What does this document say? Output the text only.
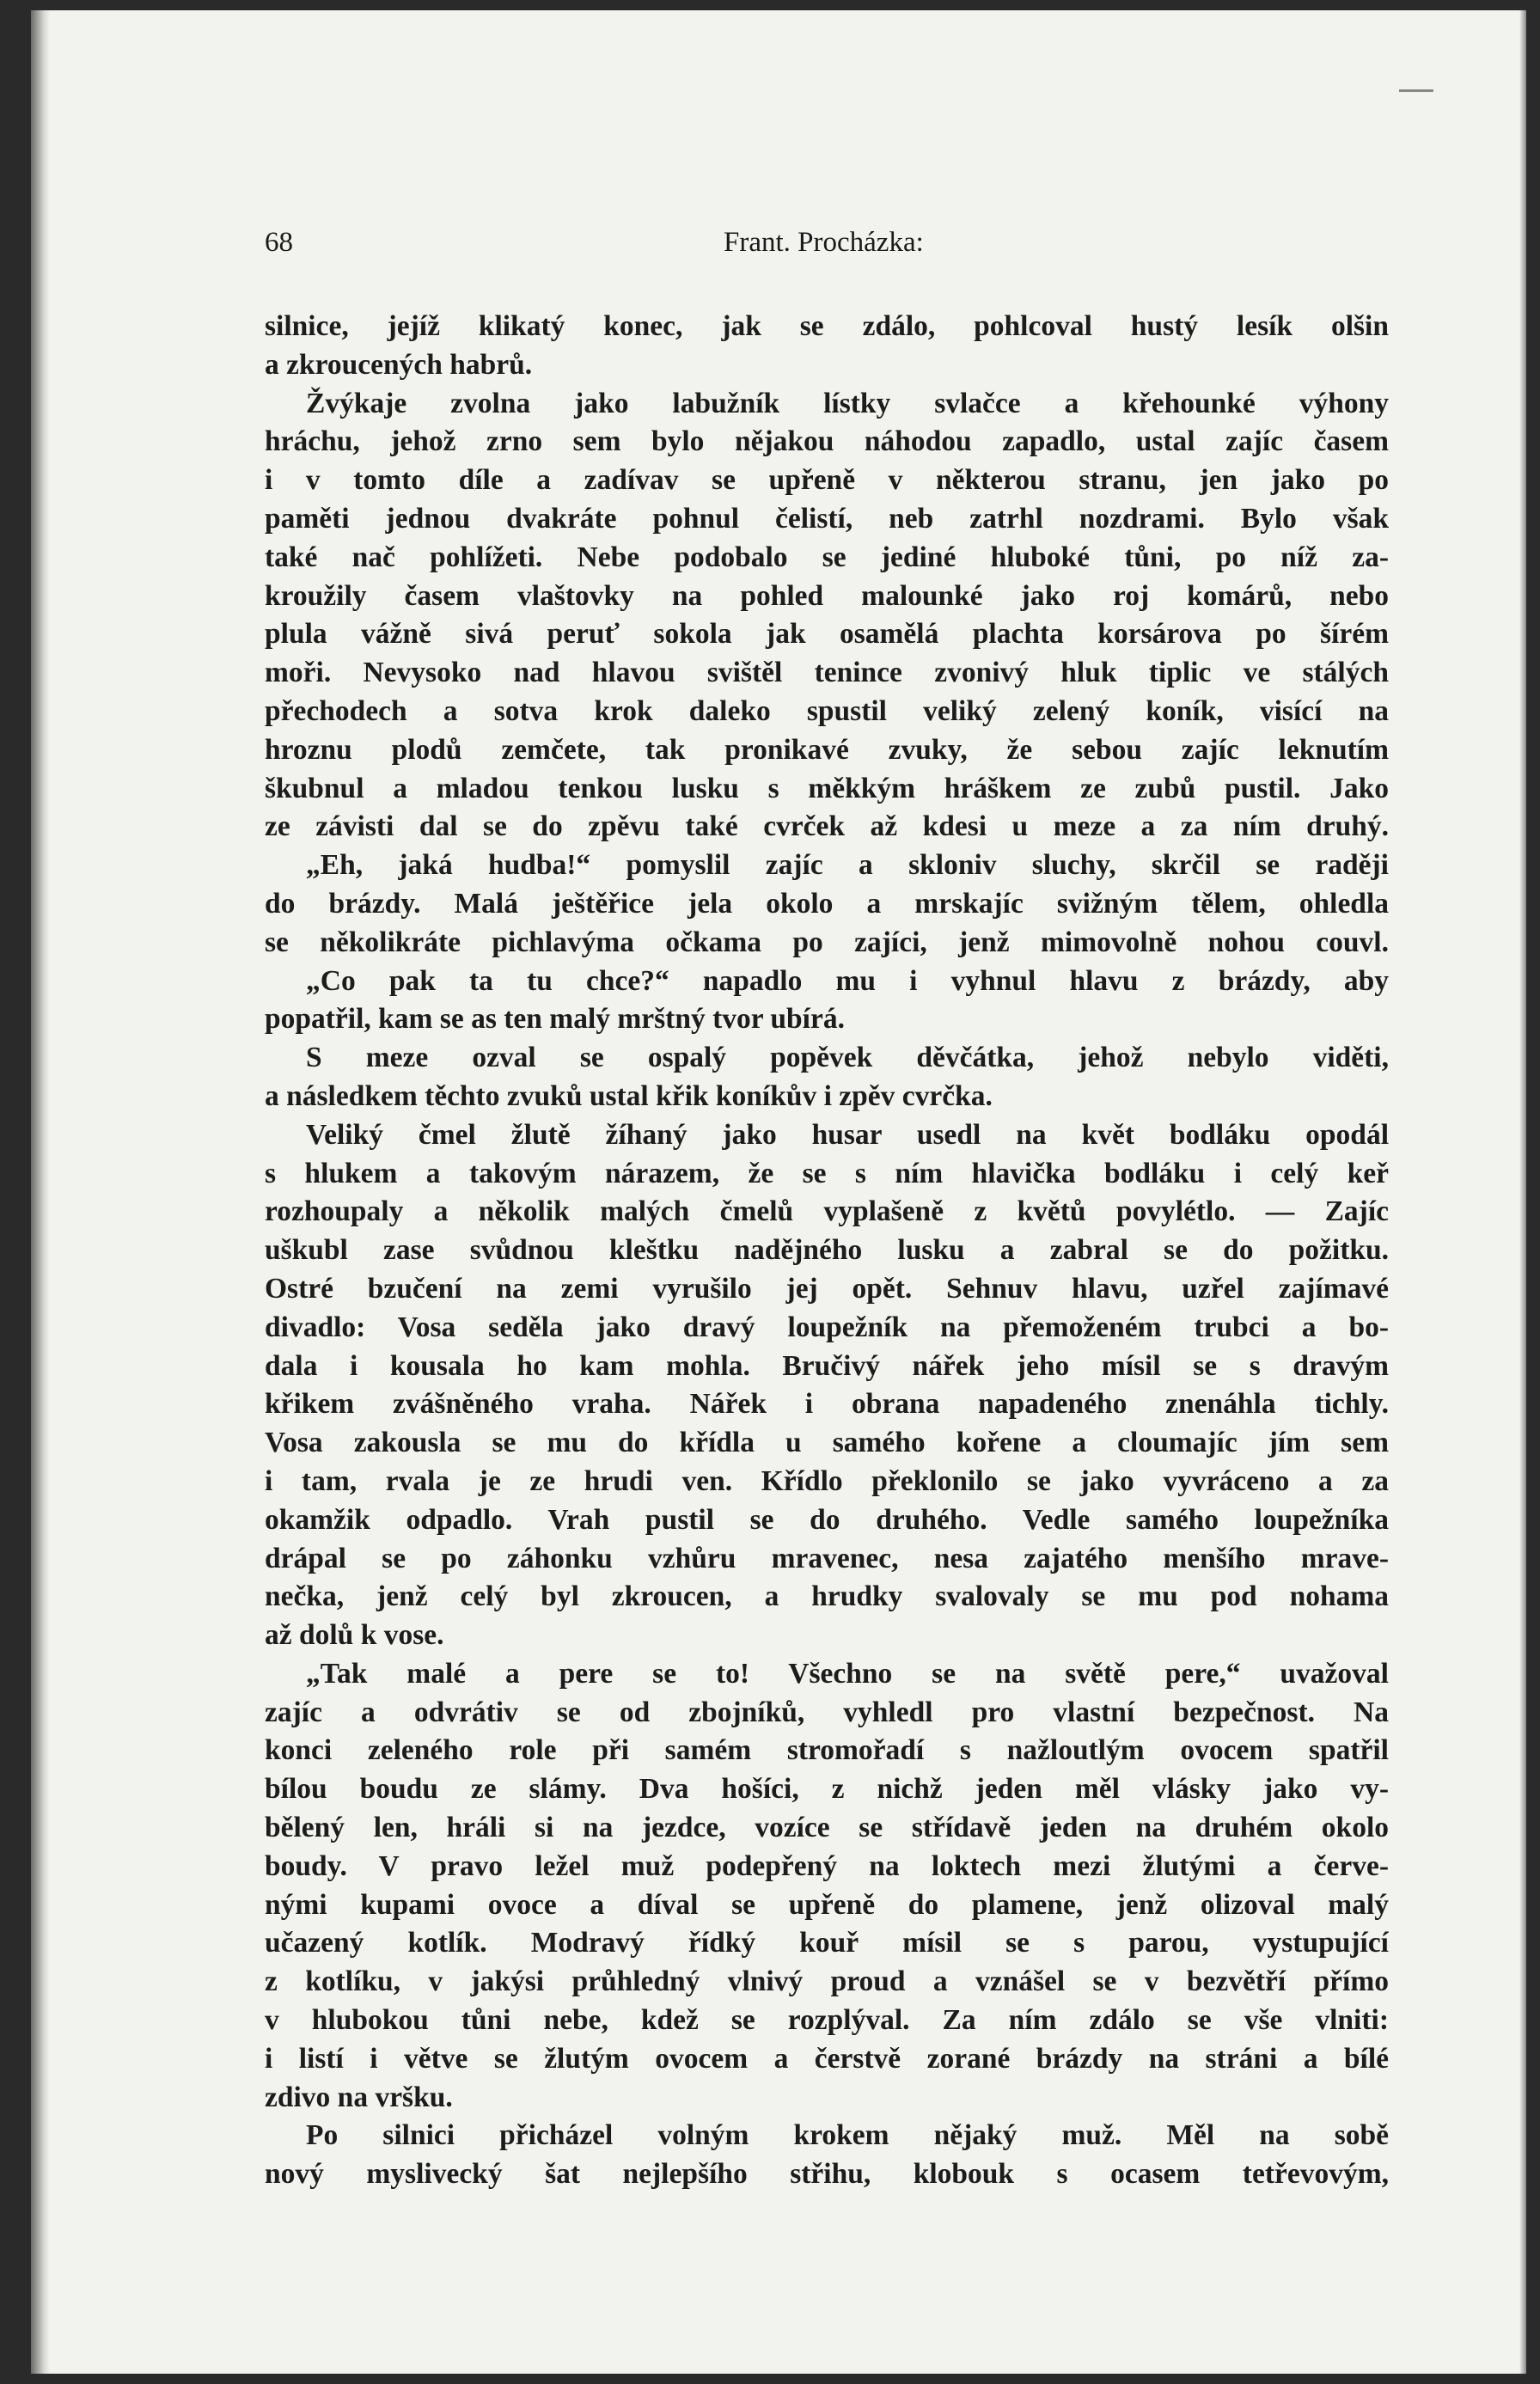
68	Frant. Procházka:
silnice, jejíž klikatý konec, jak se zdálo, pohlcoval hustý lesík olšin
a zkroucených habrů.
Žvýkaje zvolna jako labužník lístky svlačce a křehounké výhony
hráchu, jehož zrno sem bylo nějakou náhodou zapadlo, ustal zajíc časem
i v tomto díle a zadívav se upřeně v některou stranu, jen jako po
paměti jednou dvakráte pohnul čelistí, neb zatrhl nozdrami. Bylo však
také nač pohlížeti. Nebe podobalo se jediné hluboké tůni, po níž za-
kroužily časem vlaštovky na pohled malounké jako roj komárů, nebo
plula vážně sivá peruť sokola jak osamělá plachta korsárova po šírém
moři. Nevysoko nad hlavou svištěl tenince zvonivý hluk tiplic ve stálých
přechodech a sotva krok daleko spustil veliký zelený koník, visící na
hroznu plodů zemčete, tak pronikavé zvuky, že sebou zajíc leknutím
škubnul a mladou tenkou lusku s měkkým hráškem ze zubů pustil. Jako
ze závisti dal se do zpěvu také cvrček až kdesi u meze a za ním druhý.
„Eh, jaká hudba!“ pomyslil zajíc a skloniv sluchy, skrčil se raději
do brázdy. Malá ještěřice jela okolo a mrskajíc svižným tělem, ohledla
se několikráte pichlavýma očkama po zajíci, jenž mimovolně nohou couvl.
„Co pak ta tu chce?“ napadlo mu i vyhnul hlavu z brázdy, aby
popatřil, kam se as ten malý mrštný tvor ubírá.
S meze ozval se ospalý popěvek děvčátka, jehož nebylo viděti,
a následkem těchto zvuků ustal křik koníkův i zpěv cvrčka.
Veliký čmel žlutě žíhaný jako husar usedl na květ bodláku opodál
s hlukem a takovým nárazem, že se s ním hlavička bodláku i celý keř
rozhoupaly a několik malých čmelů vyplašeně z květů povylétlo. — Zajíc
uškubl zase svůdnou kleštku nadějného lusku a zabral se do požitku.
Ostré bzučení na zemi vyrušilo jej opět. Sehnuv hlavu, uzřel zajímavé
divadlo: Vosa seděla jako dravý loupežník na přemoženém trubci a bo-
dala i kousala ho kam mohla. Bručivý nářek jeho mísil se s dravým
křikem zvášněného vraha. Nářek i obrana napadeného znenáhla tichly.
Vosa zakousla se mu do křídla u samého kořene a cloumajíc jím sem
i tam, rvala je ze hrudi ven. Křídlo překlonilo se jako vyvráceno a za
okamžik odpadlo. Vrah pustil se do druhého. Vedle samého loupežníka
drápal se po záhonku vzhůru mravenec, nesa zajatého menšího mrave-
nečka, jenž celý byl zkroucen, a hrudky svalovaly se mu pod nohama
až dolů k vose.
„Tak malé a pere se to! Všechno se na světě pere,“ uvažoval
zajíc a odvrátiv se od zbojníků, vyhledl pro vlastní bezpečnost. Na
konci zeleného role při samém stromořadí s nažloutlým ovocem spatřil
bílou boudu ze slámy. Dva hošíci, z nichž jeden měl vlásky jako vy-
bělený len, hráli si na jezdce, vozíce se střídavě jeden na druhém okolo
boudy. V pravo ležel muž podepřený na loktech mezi žlutými a červe-
nými kupami ovoce a díval se upřeně do plamene, jenž olizoval malý
učazený kotlík. Modravý řídký kouř mísil se s parou, vystupující
z kotlíku, v jakýsi průhledný vlnivý proud a vznášel se v bezvětří přímo
v hlubokou tůni nebe, kdež se rozplýval. Za ním zdálo se vše vlniti:
i listí i větve se žlutým ovocem a čerstvě zorané brázdy na stráni a bílé
zdivo na vršku.
Po silnici přicházel volným krokem nějaký muž. Měl na sobě
nový myslivecký šat nejlepšího střihu, klobouk s ocasem tetřevovým,
